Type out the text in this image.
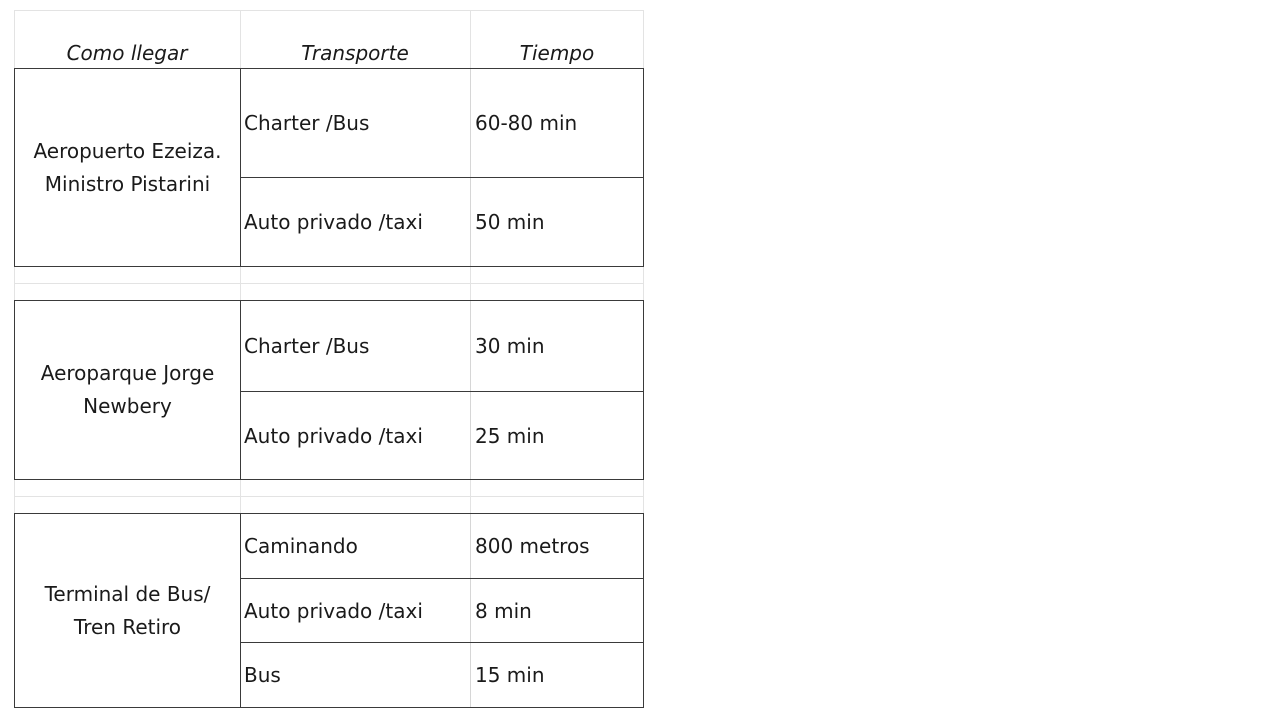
Como llegar	Transporte	Tiempo
Aeropuerto Ezeiza.
Ministro Pistarini
Charter /Bus	60-80 min
Auto privado /taxi	50 min
Aeroparque Jorge
Newbery
Charter /Bus	30 min
Auto privado /taxi	25 min
Terminal de Bus/
Tren Retiro
Caminando	800 metros
Auto privado /taxi	8 min
Bus	15 min
